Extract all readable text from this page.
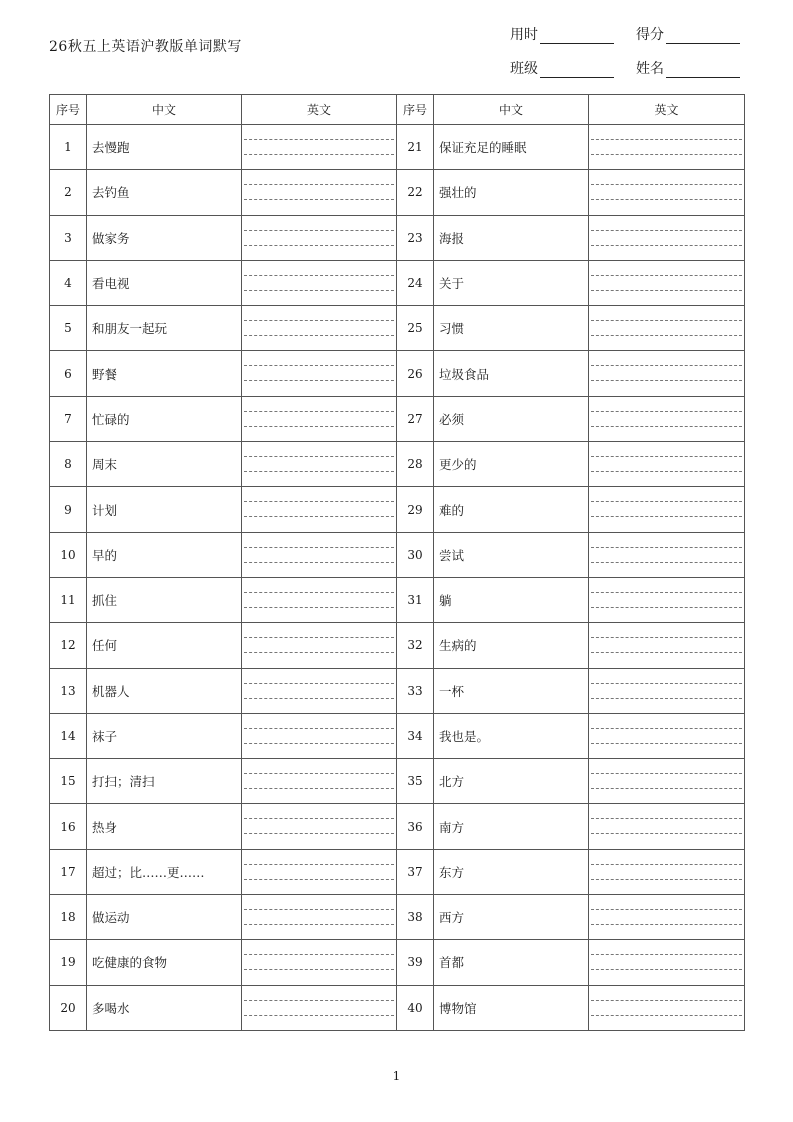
26秋五上英语沪教版单词默写
用时	得分
班级	姓名
序号	中文	英文	序号	中文	英文
1	去慢跑		21	保证充足的睡眠	

2	去钓鱼		22	强壮的	

3	做家务		23	海报	

4	看电视		24	关于	

5	和朋友一起玩		25	习惯	

6	野餐		26	垃圾食品	

7	忙碌的		27	必须	

8	周末		28	更少的	

9	计划		29	难的	

10	早的		30	尝试	

11	抓住		31	躺	

12	任何		32	生病的	

13	机器人		33	一杯	

14	袜子		34	我也是。	

15	打扫；清扫		35	北方	

16	热身		36	南方	

17	超过；比……更……		37	东方	

18	做运动		38	西方	

19	吃健康的食物		39	首都	

20	多喝水		40	博物馆	
1
